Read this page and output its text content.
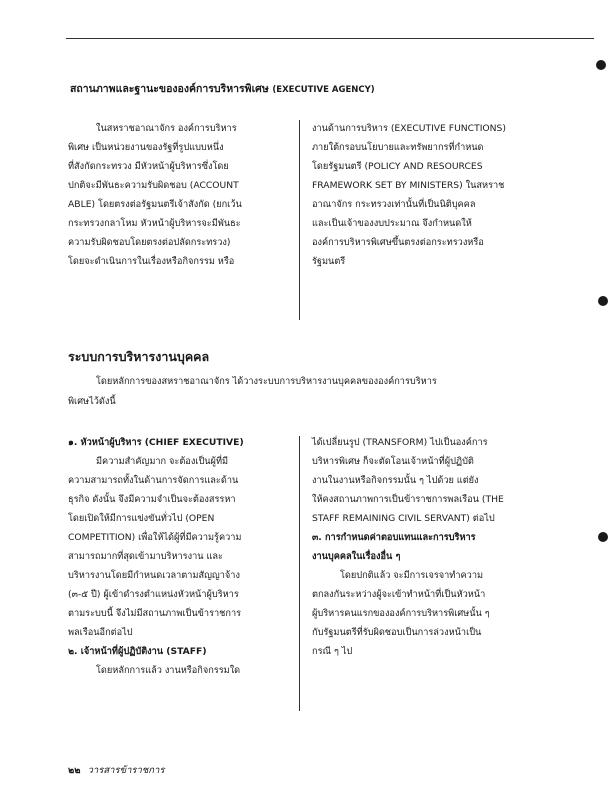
สถานภาพและฐานะขององค์การบริหารพิเศษ (EXECUTIVE AGENCY)
ในสหราชอาณาจักร องค์การบริหาร
พิเศษ เป็นหน่วยงานของรัฐที่รูปแบบหนึ่ง
ที่สังกัดกระทรวง มีหัวหน้าผู้บริหารซึ่งโดย
ปกติจะมีพันธะความรับผิดชอบ (ACCOUNT
ABLE) โดยตรงต่อรัฐมนตรีเจ้าสังกัด (ยกเว้น
กระทรวงกลาโหม หัวหน้าผู้บริหารจะมีพันธะ
ความรับผิดชอบโดยตรงต่อปลัดกระทรวง)
โดยจะดำเนินการในเรื่องหรือกิจกรรม หรือ
งานด้านการบริหาร (EXECUTIVE FUNCTIONS)
ภายใต้กรอบนโยบายและทรัพยากรที่กำหนด
โดยรัฐมนตรี (POLICY AND RESOURCES
FRAMEWORK SET BY MINISTERS) ในสหราช
อาณาจักร กระทรวงเท่านั้นที่เป็นนิติบุคคล
และเป็นเจ้าของงบประมาณ จึงกำหนดให้
องค์การบริหารพิเศษขึ้นตรงต่อกระทรวงหรือ
รัฐมนตรี
ระบบการบริหารงานบุคคล
โดยหลักการของสหราชอาณาจักร ได้วางระบบการบริหารงานบุคคลขององค์การบริหาร
พิเศษไว้ดังนี้
๑. หัวหน้าผู้บริหาร (CHIEF EXECUTIVE)
มีความสำคัญมาก จะต้องเป็นผู้ที่มี
ความสามารถทั้งในด้านการจัดการและด้าน
ธุรกิจ ดังนั้น จึงมีความจำเป็นจะต้องสรรหา
โดยเปิดให้มีการแข่งขันทั่วไป (OPEN
COMPETITION) เพื่อให้ได้ผู้ที่มีความรู้ความ
สามารถมากที่สุดเข้ามาบริหารงาน และ
บริหารงานโดยมีกำหนดเวลาตามสัญญาจ้าง
(๓-๕ ปี) ผู้เข้าดำรงตำแหน่งหัวหน้าผู้บริหาร
ตามระบบนี้ จึงไม่มีสถานภาพเป็นข้าราชการ
พลเรือนอีกต่อไป
๒. เจ้าหน้าที่ผู้ปฏิบัติงาน (STAFF)
โดยหลักการแล้ว งานหรือกิจกรรมใด
ได้เปลี่ยนรูป (TRANSFORM) ไปเป็นองค์การ
บริหารพิเศษ ก็จะตัดโอนเจ้าหน้าที่ผู้ปฏิบัติ
งานในงานหรือกิจกรรมนั้น ๆ ไปด้วย แต่ยัง
ให้คงสถานภาพการเป็นข้าราชการพลเรือน (THE
STAFF REMAINING CIVIL SERVANT) ต่อไป
๓. การกำหนดค่าตอบแทนและการบริหาร
งานบุคคลในเรื่องอื่น ๆ
โดยปกติแล้ว จะมีการเจรจาทำความ
ตกลงกันระหว่างผู้จะเข้าทำหน้าที่เป็นหัวหน้า
ผู้บริหารคนแรกขององค์การบริหารพิเศษนั้น ๆ
กับรัฐมนตรีที่รับผิดชอบเป็นการล่วงหน้าเป็น
กรณี ๆ ไป
๒๒ วารสารข้าราชการ
